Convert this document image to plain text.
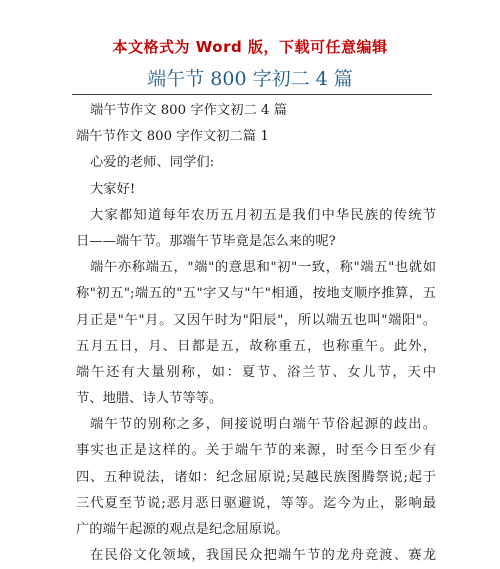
本文格式为 Word 版，下载可任意编辑
端午节 800 字初二 4 篇
端午节作文 800 字作文初二 4 篇
端午节作文 800 字作文初二篇 1
心爱的老师、同学们:
大家好!
大家都知道每年农历五月初五是我们中华民族的传统节
日——端午节。那端午节毕竟是怎么来的呢?
端午亦称端五，"端"的意思和"初"一致，称"端五"也就如
称"初五";端五的"五"字又与"午"相通，按地支顺序推算，五
月正是"午"月。又因午时为"阳辰"，所以端五也叫"端阳"。
五月五日，月、日都是五，故称重五，也称重午。此外，
端午还有大量别称，如：夏节、浴兰节、女儿节，天中
节、地腊、诗人节等等。
端午节的别称之多，间接说明白端午节俗起源的歧出。
事实也正是这样的。关于端午节的来源，时至今日至少有
四、五种说法，诸如：纪念屈原说;吴越民族图腾祭说;起于
三代夏至节说;恶月恶日驱避说，等等。迄今为止，影响最
广的端午起源的观点是纪念屈原说。
在民俗文化领域，我国民众把端午节的龙舟竞渡、赛龙
